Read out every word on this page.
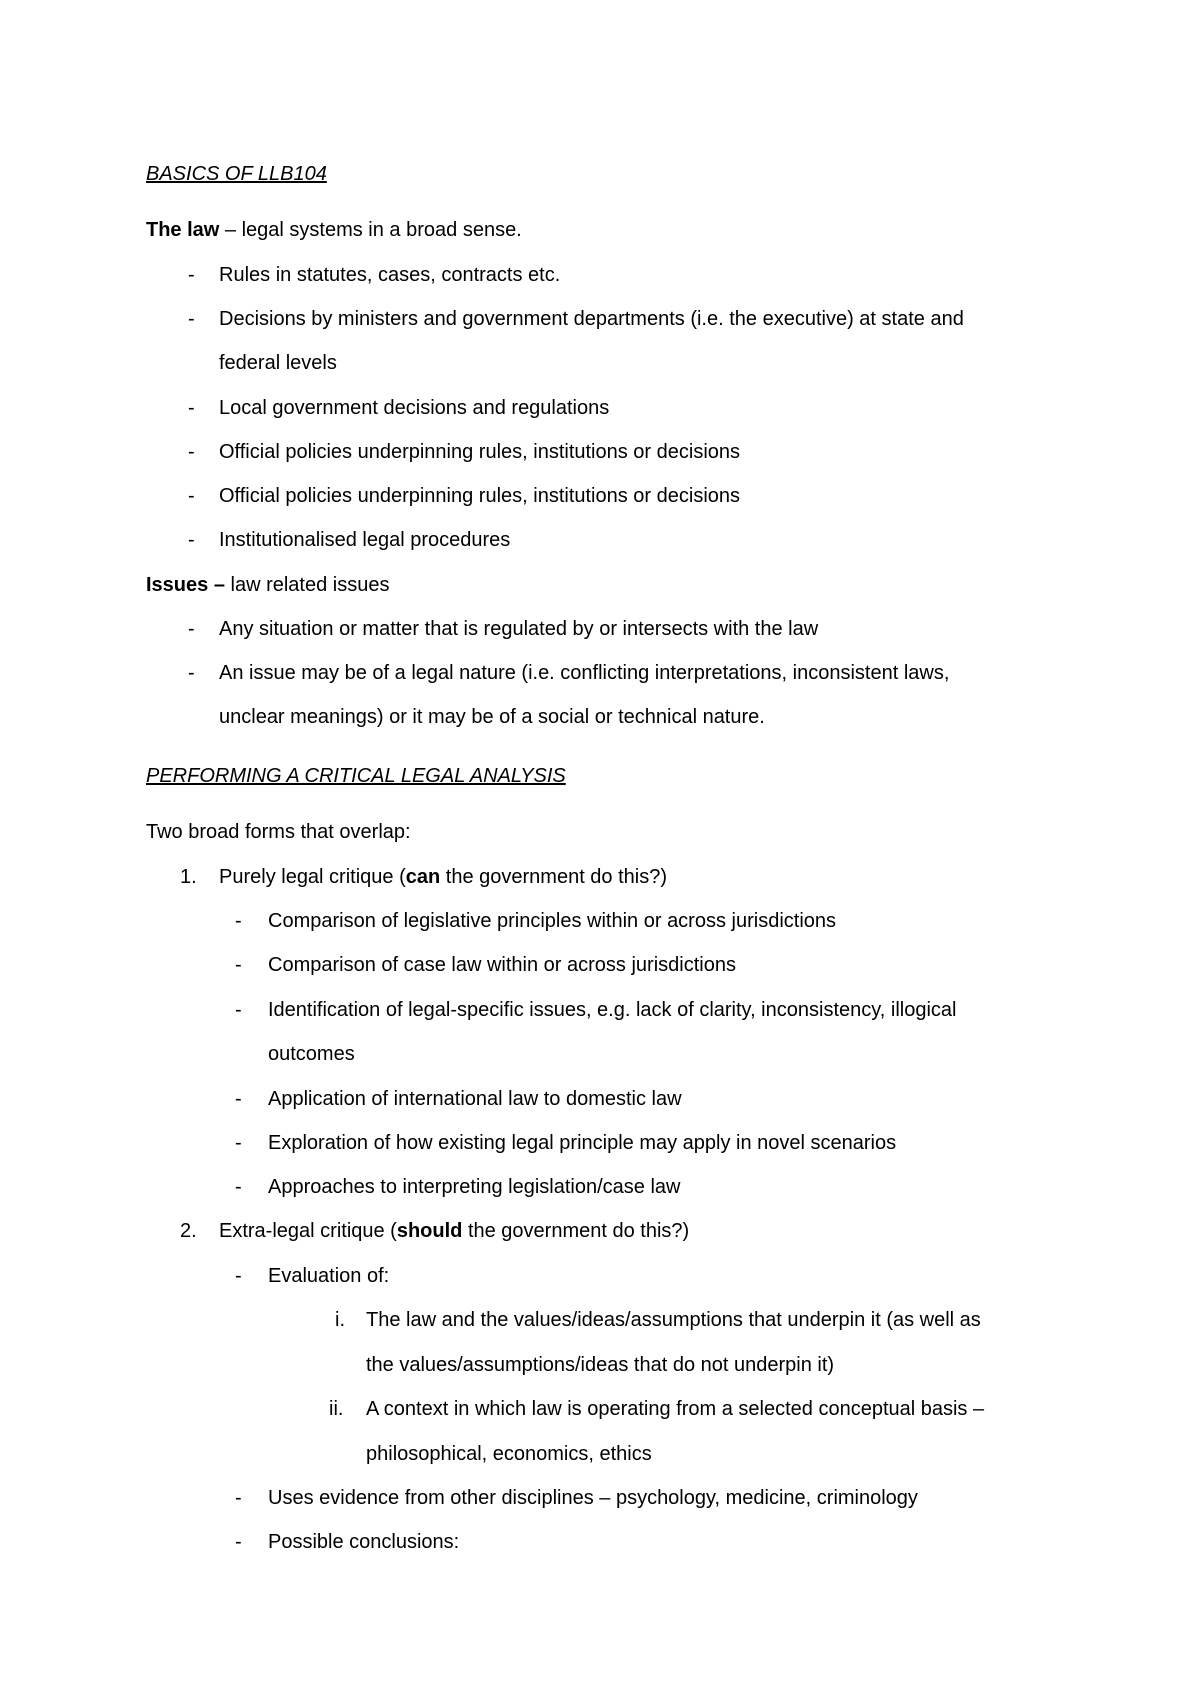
BASICS OF LLB104
The law – legal systems in a broad sense.
- Rules in statutes, cases, contracts etc.
- Decisions by ministers and government departments (i.e. the executive) at state and
federal levels
- Local government decisions and regulations
- Official policies underpinning rules, institutions or decisions
- Official policies underpinning rules, institutions or decisions
- Institutionalised legal procedures
Issues – law related issues
- Any situation or matter that is regulated by or intersects with the law
- An issue may be of a legal nature (i.e. conflicting interpretations, inconsistent laws,
unclear meanings) or it may be of a social or technical nature.
PERFORMING A CRITICAL LEGAL ANALYSIS
Two broad forms that overlap:
1. Purely legal critique (can the government do this?)
- Comparison of legislative principles within or across jurisdictions
- Comparison of case law within or across jurisdictions
- Identification of legal-specific issues, e.g. lack of clarity, inconsistency, illogical
outcomes
- Application of international law to domestic law
- Exploration of how existing legal principle may apply in novel scenarios
- Approaches to interpreting legislation/case law
2. Extra-legal critique (should the government do this?)
- Evaluation of:
i. The law and the values/ideas/assumptions that underpin it (as well as
the values/assumptions/ideas that do not underpin it)
ii. A context in which law is operating from a selected conceptual basis –
philosophical, economics, ethics
- Uses evidence from other disciplines – psychology, medicine, criminology
- Possible conclusions:
